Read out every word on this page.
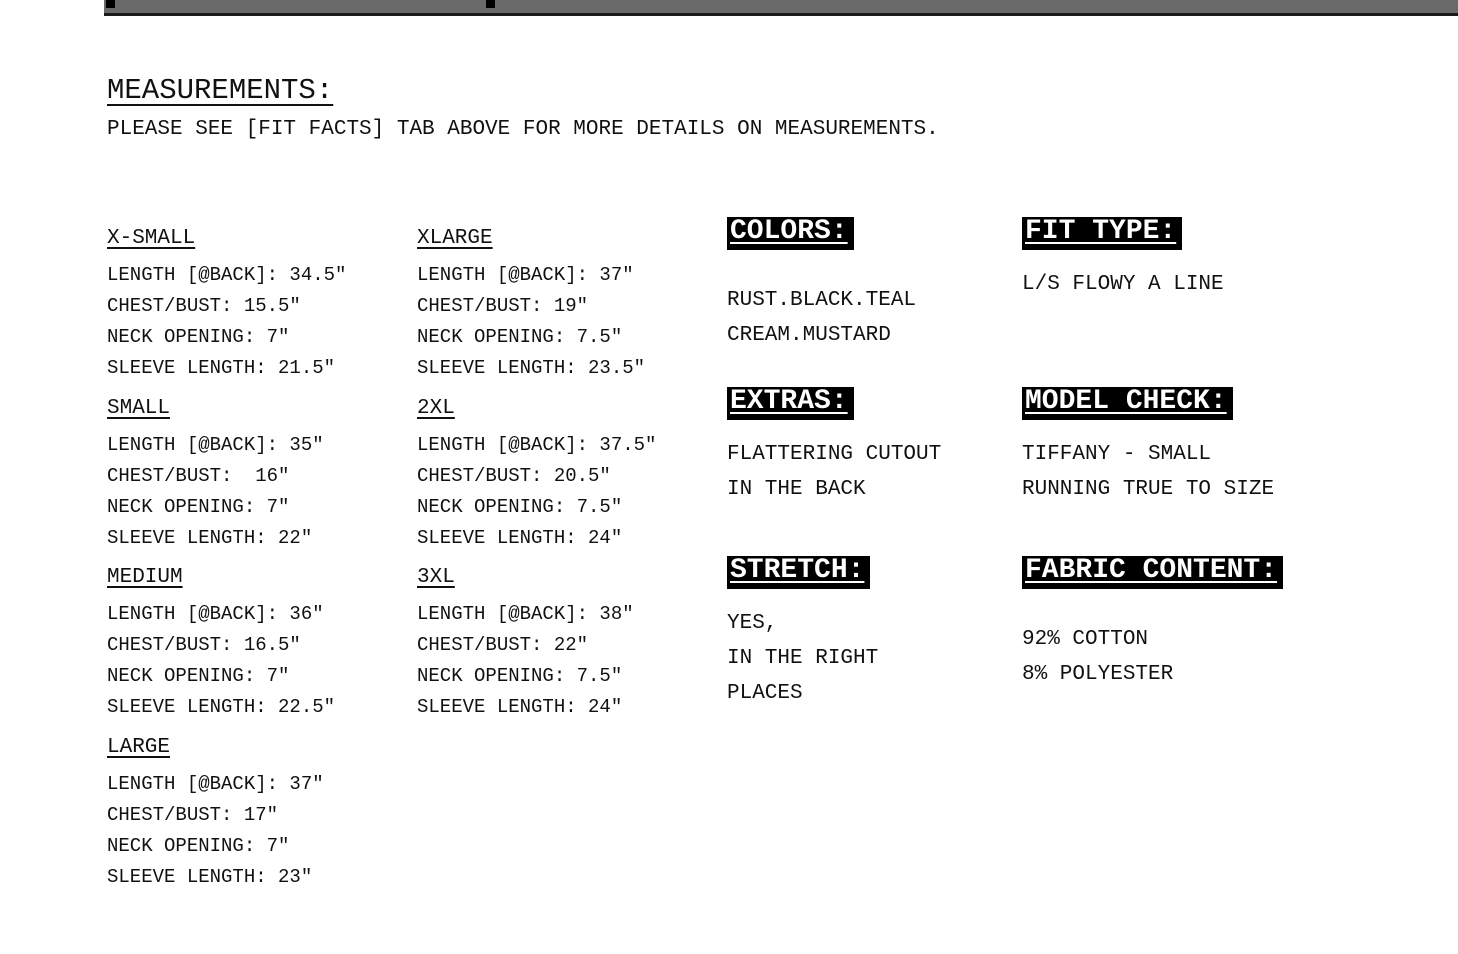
MEASUREMENTS:

PLEASE SEE [FIT FACTS] TAB ABOVE FOR MORE DETAILS ON MEASUREMENTS.

X-SMALL

LENGTH [@BACK]: 34.5"

CHEST/BUST: 15.5"

NECK OPENING: 7"

SLEEVE LENGTH: 21.5"

SMALL

LENGTH [@BACK]: 35"

CHEST/BUST:  16"

NECK OPENING: 7"

SLEEVE LENGTH: 22"

MEDIUM

LENGTH [@BACK]: 36"

CHEST/BUST: 16.5"

NECK OPENING: 7"

SLEEVE LENGTH: 22.5"

LARGE

LENGTH [@BACK]: 37"

CHEST/BUST: 17"

NECK OPENING: 7"

SLEEVE LENGTH: 23"

XLARGE

LENGTH [@BACK]: 37"

CHEST/BUST: 19"

NECK OPENING: 7.5"

SLEEVE LENGTH: 23.5"

2XL

LENGTH [@BACK]: 37.5"

CHEST/BUST: 20.5"

NECK OPENING: 7.5"

SLEEVE LENGTH: 24"

3XL

LENGTH [@BACK]: 38"

CHEST/BUST: 22"

NECK OPENING: 7.5"

SLEEVE LENGTH: 24"

COLORS:

RUST.BLACK.TEAL

CREAM.MUSTARD

EXTRAS:

FLATTERING CUTOUT

IN THE BACK

STRETCH:

YES,

IN THE RIGHT

PLACES

FIT TYPE:

L/S FLOWY A LINE

MODEL CHECK:

TIFFANY - SMALL

RUNNING TRUE TO SIZE

FABRIC CONTENT:

92% COTTON

8% POLYESTER
